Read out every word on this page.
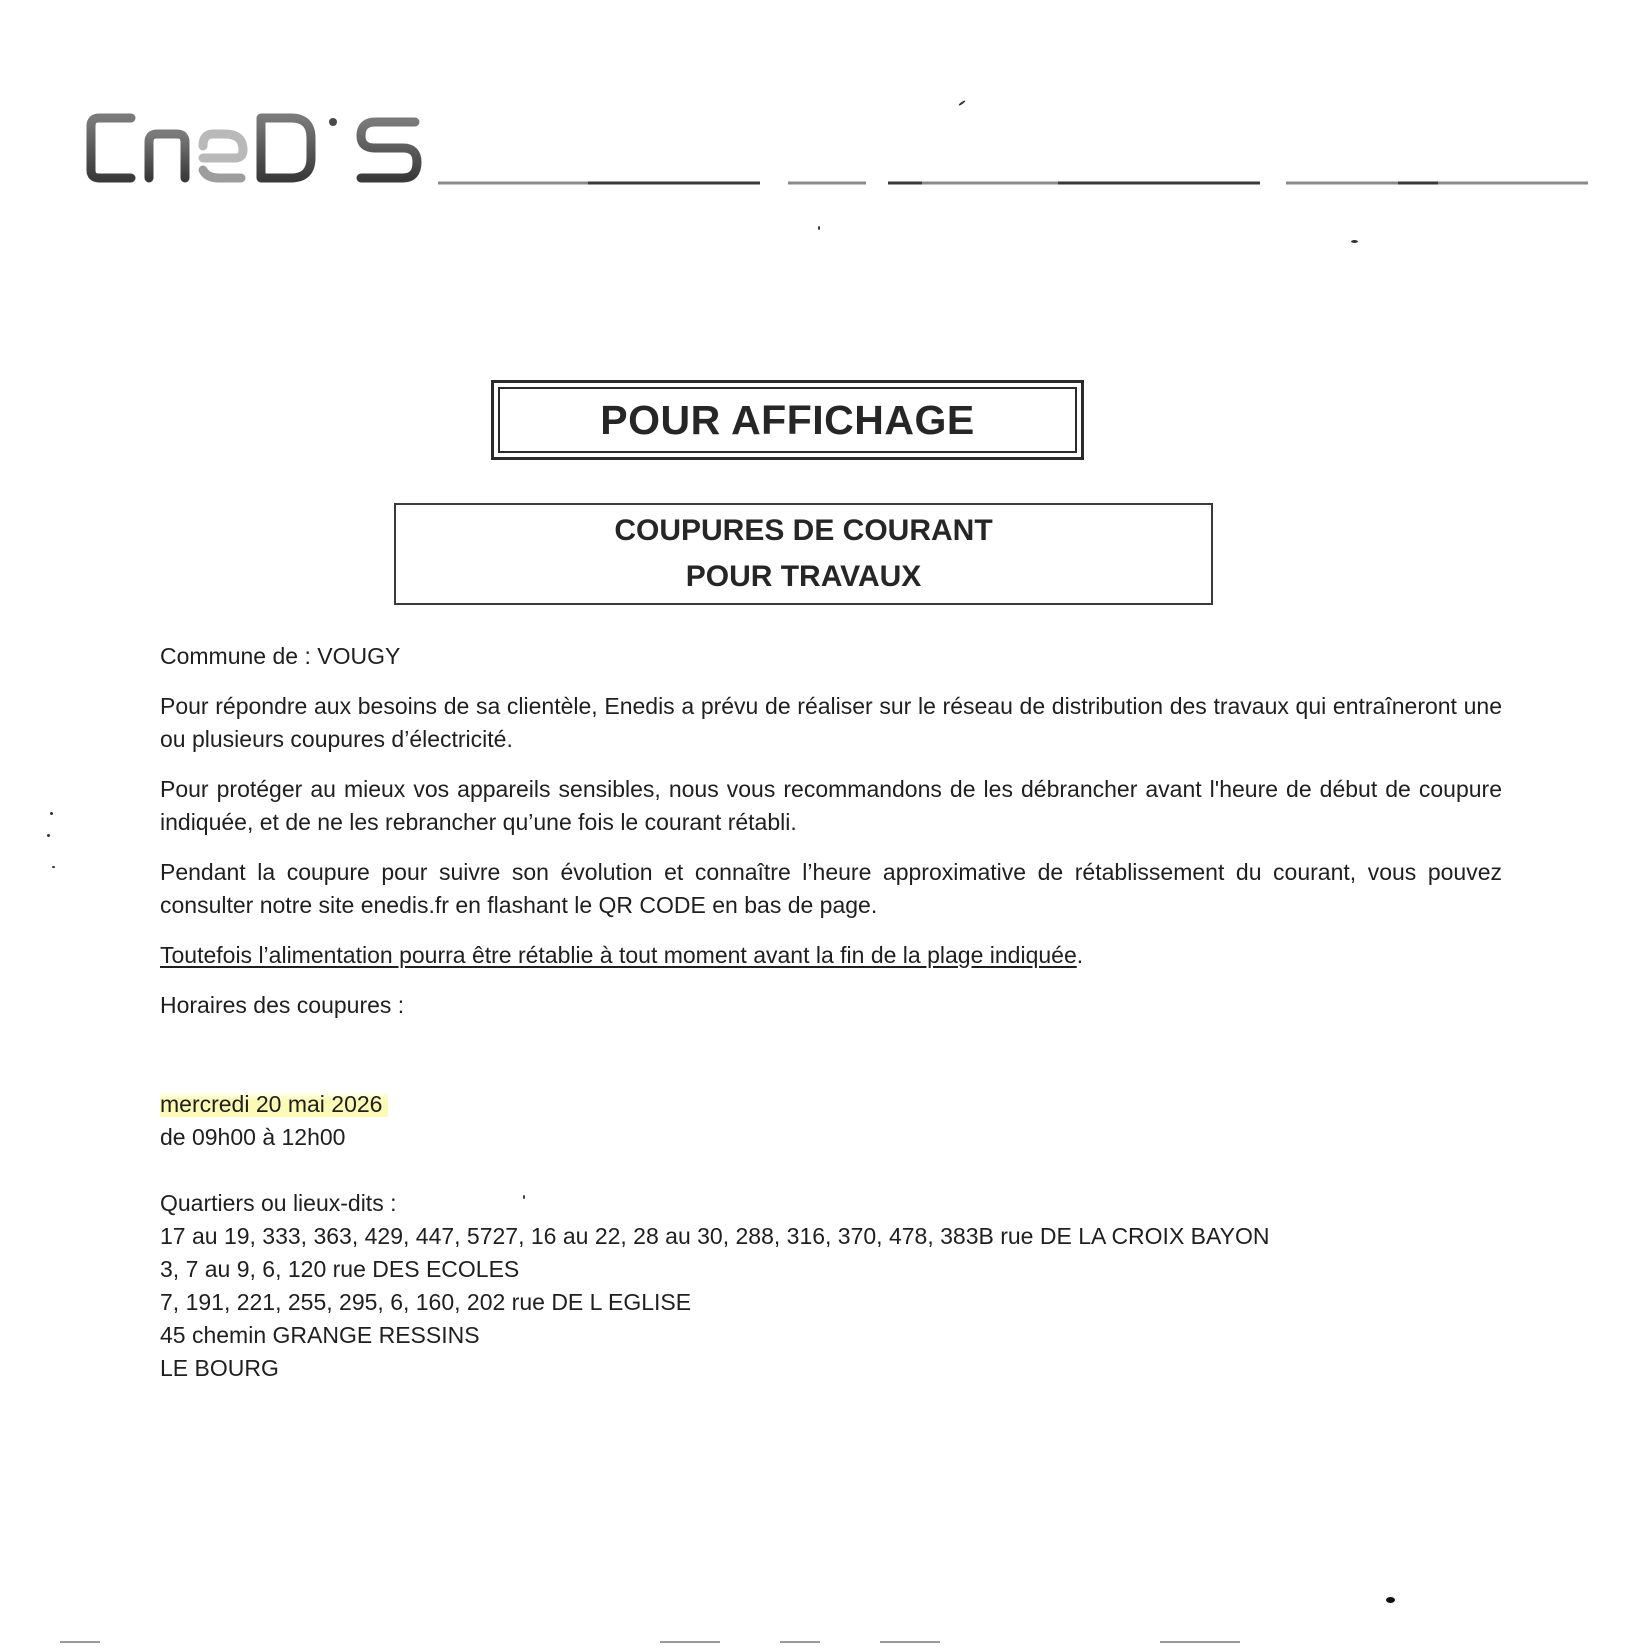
POUR AFFICHAGE
COUPURES DE COURANT
POUR TRAVAUX

Commune de : VOUGY

Pour répondre aux besoins de sa clientèle, Enedis a prévu de réaliser sur le réseau de distribution des travaux qui entraîneront une ou plusieurs coupures d’électricité.

Pour protéger au mieux vos appareils sensibles, nous vous recommandons de les débrancher avant l'heure de début de coupure indiquée, et de ne les rebrancher qu’une fois le courant rétabli.

Pendant la coupure pour suivre son évolution et connaître l’heure approximative de rétablissement du courant, vous pouvez consulter notre site enedis.fr en flashant le QR CODE en bas de page.

Toutefois l’alimentation pourra être rétablie à tout moment avant la fin de la plage indiquée.

Horaires des coupures :

mercredi 20 mai 2026
de 09h00 à 12h00
Quartiers ou lieux-dits :
17 au 19, 333, 363, 429, 447, 5727, 16 au 22, 28 au 30, 288, 316, 370, 478, 383B rue DE LA CROIX BAYON
3, 7 au 9, 6, 120 rue DES ECOLES
7, 191, 221, 255, 295, 6, 160, 202 rue DE L EGLISE
45 chemin GRANGE RESSINS
LE BOURG
